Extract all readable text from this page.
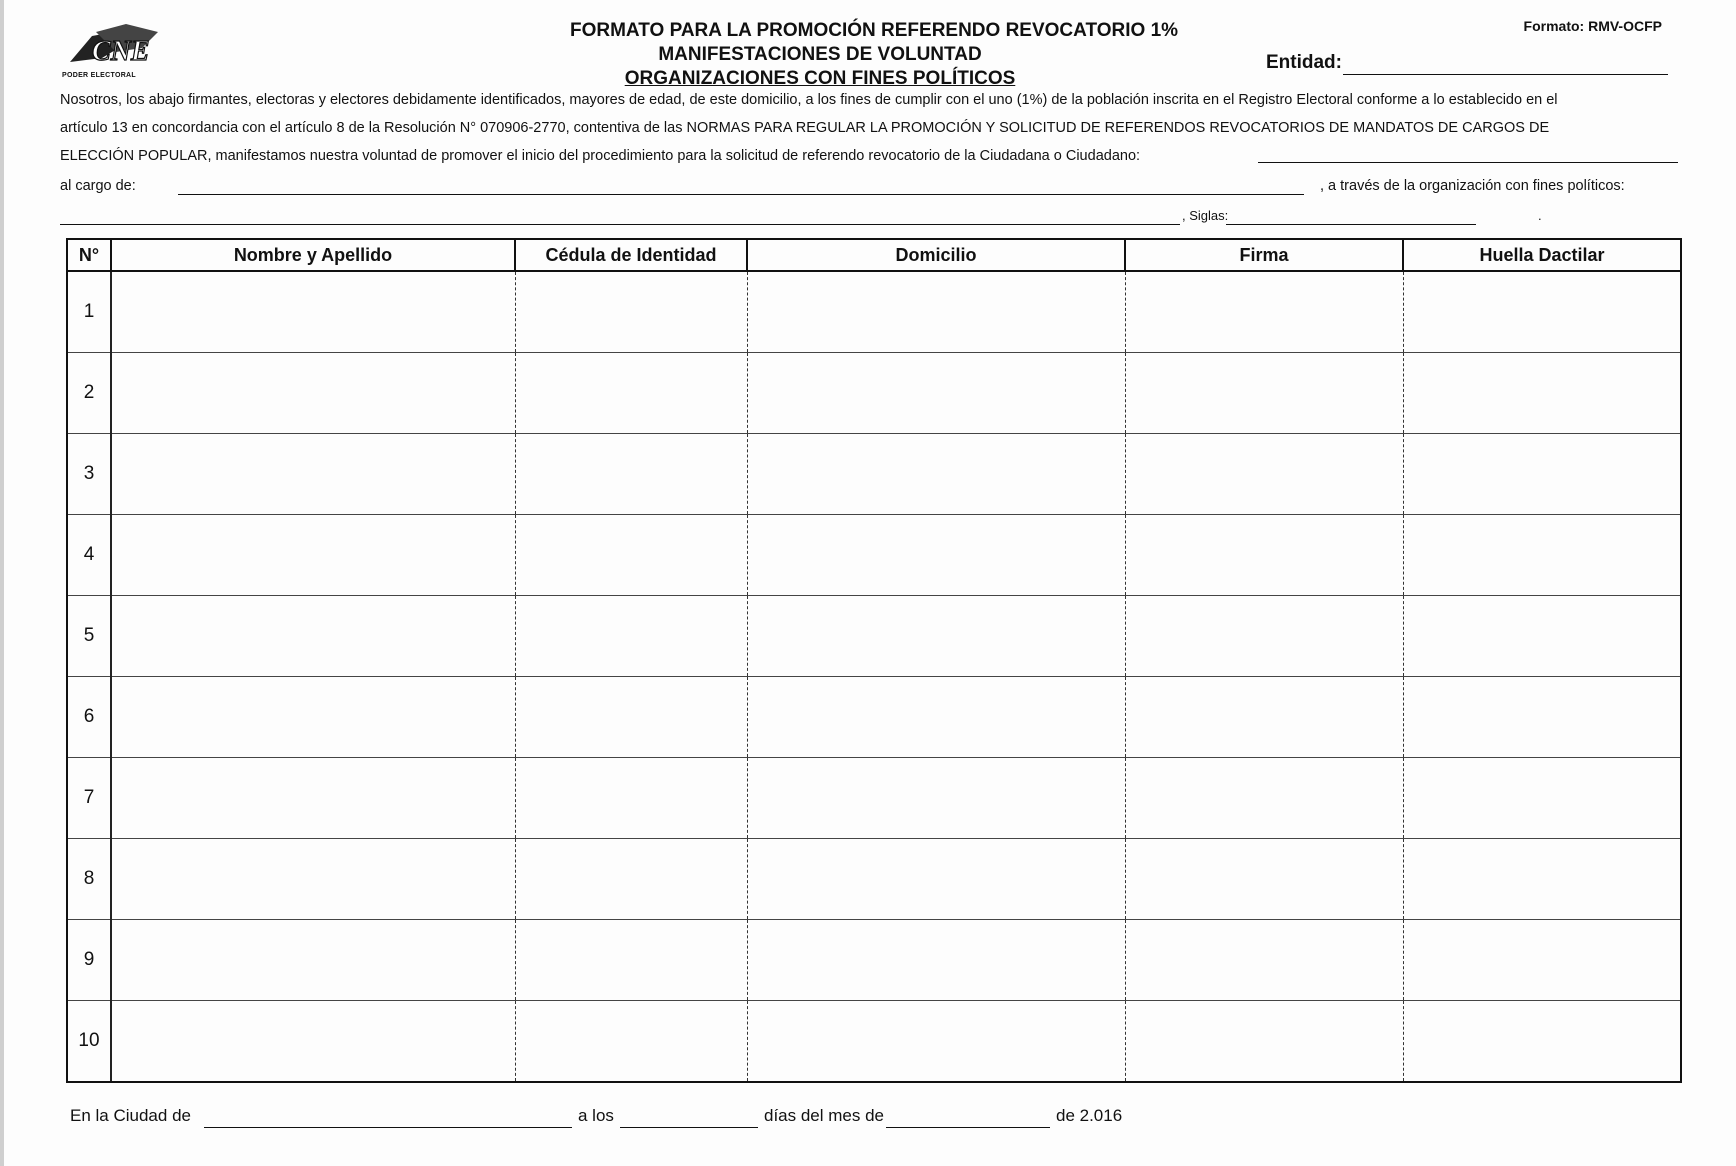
CNE
PODER ELECTORAL
FORMATO PARA LA PROMOCIÓN REFERENDO REVOCATORIO 1%
MANIFESTACIONES DE VOLUNTAD
ORGANIZACIONES CON FINES POLÍTICOS
Formato: RMV-OCFP
Entidad:
Nosotros, los abajo firmantes, electoras y electores debidamente identificados, mayores de edad, de este domicilio, a los fines de cumplir con el uno (1%) de la población inscrita en el Registro Electoral conforme a lo establecido en el
artículo 13 en concordancia con el artículo 8 de la Resolución N° 070906-2770, contentiva de las NORMAS PARA REGULAR LA PROMOCIÓN Y SOLICITUD DE REFERENDOS REVOCATORIOS DE MANDATOS DE CARGOS DE
ELECCIÓN POPULAR, manifestamos nuestra voluntad de promover el inicio del procedimiento para la solicitud de referendo revocatorio de la Ciudadana o Ciudadano:
al cargo de:	, a través de la organización con fines políticos:
, Siglas:	.
N°	Nombre y Apellido	Cédula de Identidad	Domicilio	Firma	Huella Dactilar
1					
2					
3					
4					
5					
6					
7					
8					
9					
10					
En la Ciudad de	a los	días del mes de	de 2.016
